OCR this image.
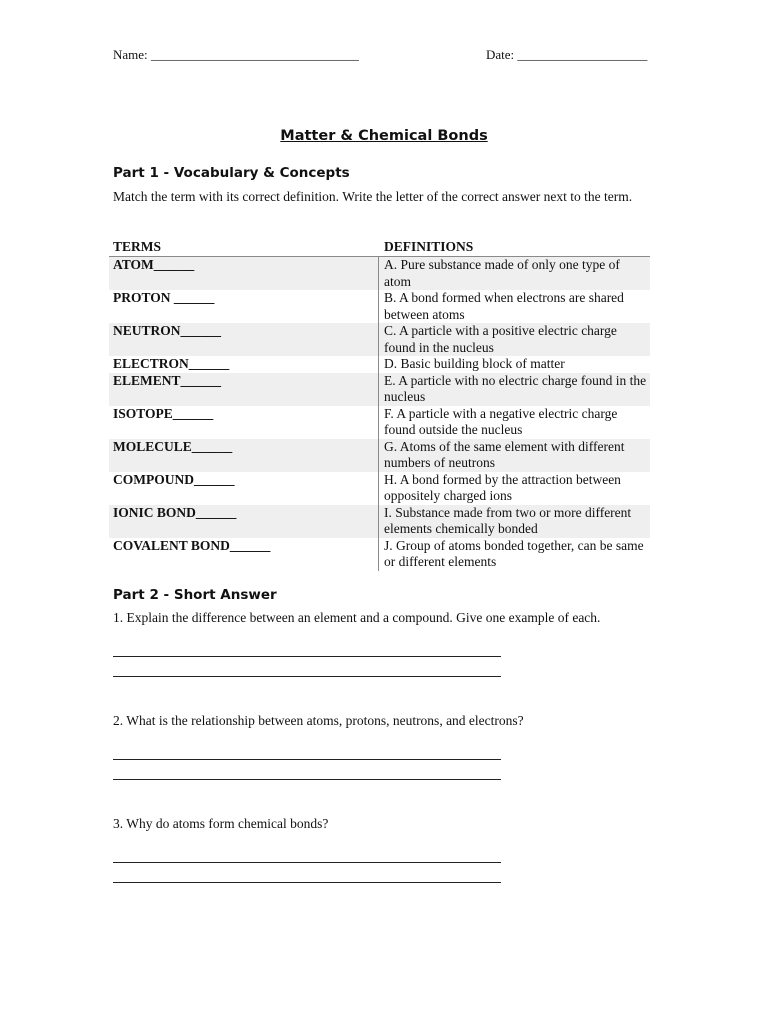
Name: ________________________________	Date: ____________________
Matter & Chemical Bonds
Part 1 - Vocabulary & Concepts
Match the term with its correct definition. Write the letter of the correct answer next to the term.
TERMS	DEFINITIONS
ATOM______	A. Pure substance made of only one type of atom
PROTON ______	B. A bond formed when electrons are shared between atoms
NEUTRON______	C. A particle with a positive electric charge found in the nucleus
ELECTRON______	D. Basic building block of matter
ELEMENT______	E. A particle with no electric charge found in the nucleus
ISOTOPE______	F. A particle with a negative electric charge found outside the nucleus
MOLECULE______	G. Atoms of the same element with different numbers of neutrons
COMPOUND______	H. A bond formed by the attraction between oppositely charged ions
IONIC BOND______	I. Substance made from two or more different elements chemically bonded
COVALENT BOND______	J. Group of atoms bonded together, can be same or different elements
Part 2 - Short Answer
1. Explain the difference between an element and a compound. Give one example of each.
2. What is the relationship between atoms, protons, neutrons, and electrons?
3. Why do atoms form chemical bonds?
